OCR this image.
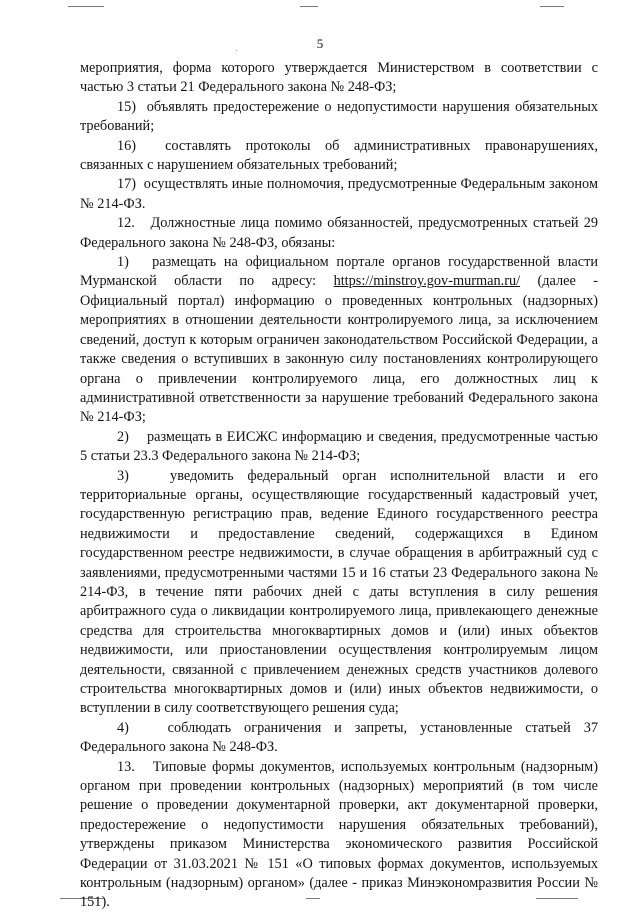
5

мероприятия, форма которого утверждается Министерством в соответствии с частью 3 статьи 21 Федерального закона № 248-ФЗ;

15)  объявлять предостережение о недопустимости нарушения обязательных требований;

16)  составлять протоколы об административных правонарушениях, связанных с нарушением обязательных требований;

17)  осуществлять иные полномочия, предусмотренные Федеральным законом № 214-ФЗ.

12.   Должностные лица помимо обязанностей, предусмотренных статьей 29 Федерального закона № 248-ФЗ, обязаны:

1)   размещать на официальном портале органов государственной власти Мурманской области по адресу: https://minstroy.gov-murman.ru/ (далее - Официальный портал) информацию о проведенных контрольных (надзорных) мероприятиях в отношении деятельности контролируемого лица, за исключением сведений, доступ к которым ограничен законодательством Российской Федерации, а также сведения о вступивших в законную силу постановлениях контролирующего органа о привлечении контролируемого лица, его должностных лиц к административной ответственности за нарушение требований Федерального закона № 214-ФЗ;

2)    размещать в ЕИСЖС информацию и сведения, предусмотренные частью 5 статьи 23.3 Федерального закона № 214-ФЗ;

3)   уведомить федеральный орган исполнительной власти и его территориальные органы, осуществляющие государственный кадастровый учет, государственную регистрацию прав, ведение Единого государственного реестра недвижимости и предоставление сведений, содержащихся в Едином государственном реестре недвижимости, в случае обращения в арбитражный суд с заявлениями, предусмотренными частями 15 и 16 статьи 23 Федерального закона № 214-ФЗ, в течение пяти рабочих дней с даты вступления в силу решения арбитражного суда о ликвидации контролируемого лица, привлекающего денежные средства для строительства многоквартирных домов и (или) иных объектов недвижимости, или приостановлении осуществления контролируемым лицом деятельности, связанной с привлечением денежных средств участников долевого строительства многоквартирных домов и (или) иных объектов недвижимости, о вступлении в силу соответствующего решения суда;

4)   соблюдать ограничения и запреты, установленные статьей 37 Федерального закона № 248-ФЗ.

13.   Типовые формы документов, используемых контрольным (надзорным) органом при проведении контрольных (надзорных) мероприятий (в том числе решение о проведении документарной проверки, акт документарной проверки, предостережение о недопустимости нарушения обязательных требований), утверждены приказом Министерства экономического развития Российской Федерации от 31.03.2021 № 151 «О типовых формах документов, используемых контрольным (надзорным) органом» (далее - приказ Минэкономразвития России № 151).
